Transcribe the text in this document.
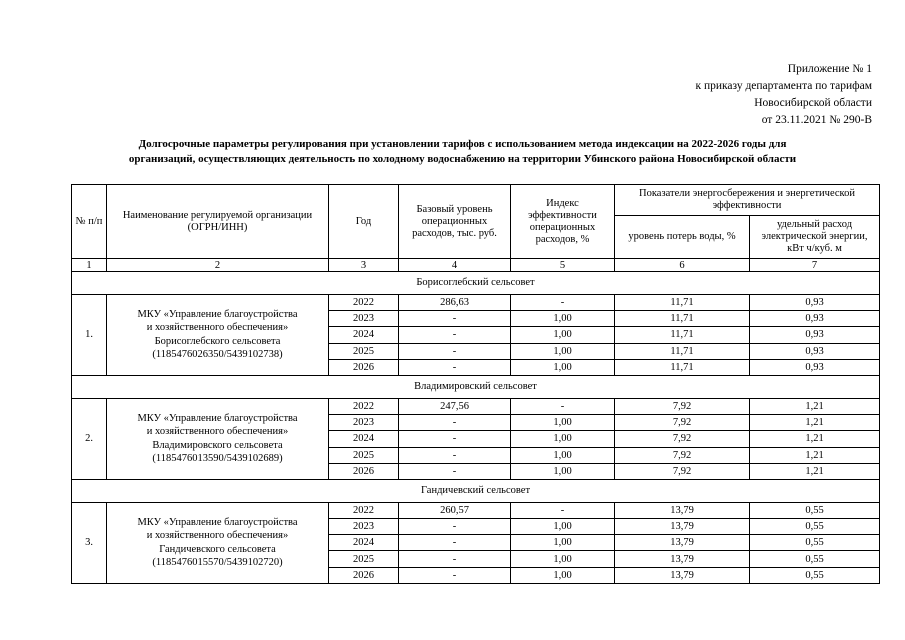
Приложение № 1
к приказу департамента по тарифам
Новосибирской области
от 23.11.2021 № 290-В
Долгосрочные параметры регулирования при установлении тарифов с использованием метода индексации на 2022-2026 годы для
организаций, осуществляющих деятельность по холодному водоснабжению на территории Убинского района Новосибирской области
№ п/п	Наименование регулируемой организации (ОГРН/ИНН)	Год	Базовый уровень операционных расходов, тыс. руб.	Индекс эффективности операционных расходов, %	Показатели энергосбережения и энергетической эффективности	
					уровень потерь воды, %	удельный расход электрической энергии, кВт ч/куб. м
1	2	3	4	5	6	7
Борисоглебский сельсовет						
1.	МКУ «Управление благоустройства
и хозяйственного обеспечения»
Борисоглебского сельсовета
(1185476026350/5439102738)	2022	286,63	-	11,71	0,93
		2023	-	1,00	11,71	0,93
		2024	-	1,00	11,71	0,93
		2025	-	1,00	11,71	0,93
		2026	-	1,00	11,71	0,93
Владимировский сельсовет						
2.	МКУ «Управление благоустройства
и хозяйственного обеспечения»
Владимировского сельсовета
(1185476013590/5439102689)	2022	247,56	-	7,92	1,21
		2023	-	1,00	7,92	1,21
		2024	-	1,00	7,92	1,21
		2025	-	1,00	7,92	1,21
		2026	-	1,00	7,92	1,21
Гандичевский сельсовет						
3.	МКУ «Управление благоустройства
и хозяйственного обеспечения»
Гандичевского сельсовета
(1185476015570/5439102720)	2022	260,57	-	13,79	0,55
		2023	-	1,00	13,79	0,55
		2024	-	1,00	13,79	0,55
		2025	-	1,00	13,79	0,55
		2026	-	1,00	13,79	0,55
